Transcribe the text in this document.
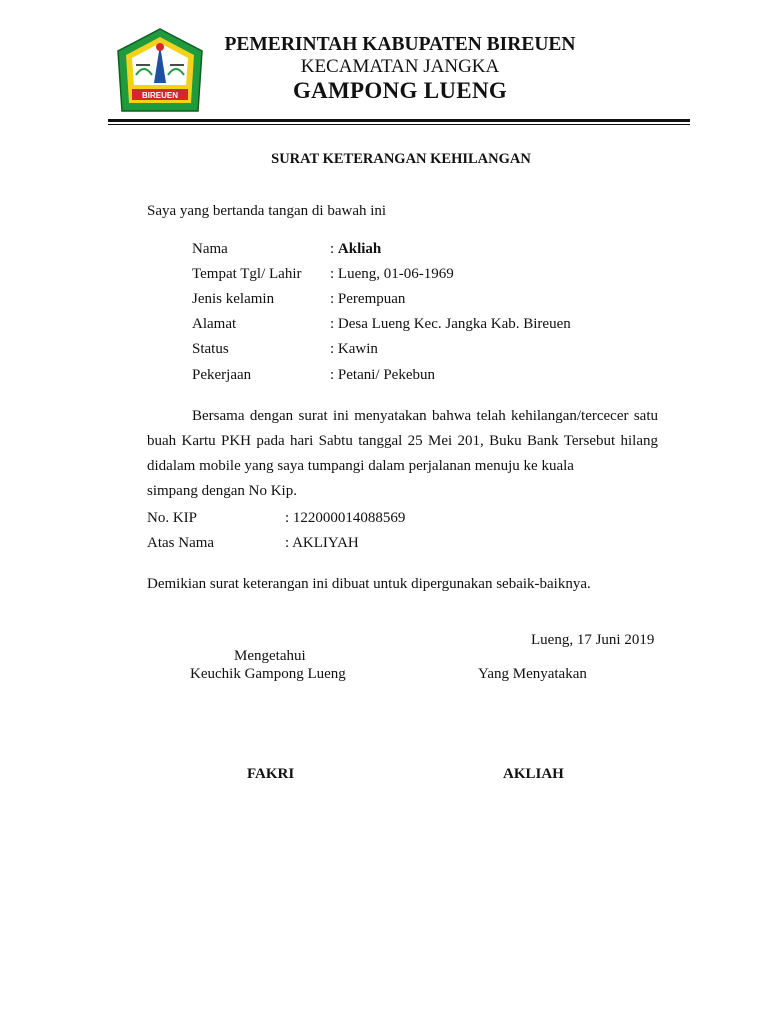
BIREUEN
PEMERINTAH KABUPATEN BIREUEN
KECAMATAN JANGKA
GAMPONG LUENG
SURAT KETERANGAN KEHILANGAN
Saya yang bertanda tangan di bawah ini
Nama	: Akliah
Tempat Tgl/ Lahir : Lueng, 01-06-1969
Jenis kelamin	: Perempuan
Alamat	: Desa Lueng Kec. Jangka Kab. Bireuen
Status	: Kawin
Pekerjaan	: Petani/ Pekebun
Bersama dengan surat ini menyatakan bahwa telah kehilangan/tercecer satu buah Kartu PKH pada hari Sabtu tanggal 25 Mei 201, Buku Bank Tersebut hilang didalam mobile yang saya tumpangi dalam perjalanan menuju ke kuala
simpang dengan No Kip.
No. KIP	: 122000014088569
Atas Nama	: AKLIYAH
Demikian surat keterangan ini dibuat untuk dipergunakan sebaik-baiknya.
Lueng, 17 Juni 2019
Mengetahui
Keuchik Gampong Lueng	Yang Menyatakan
FAKRI	AKLIAH
